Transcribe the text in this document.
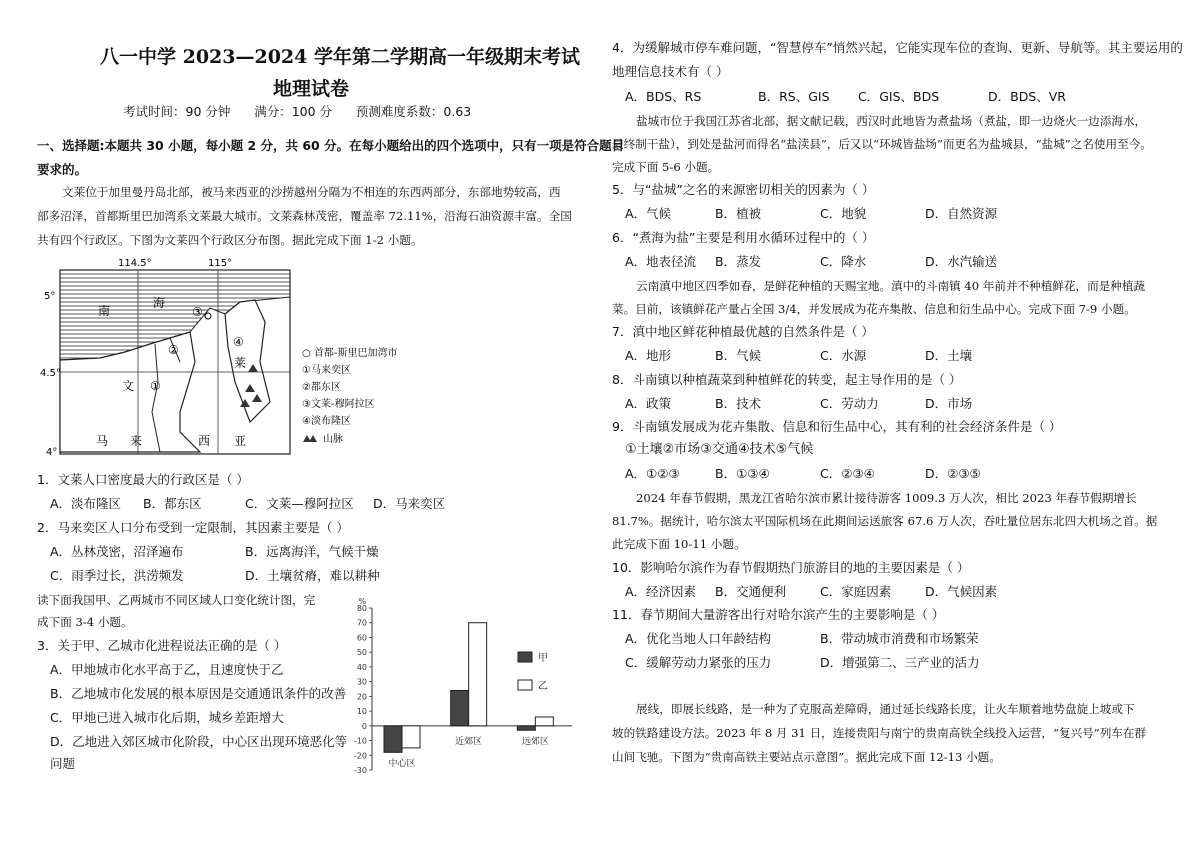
八一中学 2023—2024 学年第二学期高一年级期末考试
地理试卷
考试时间：90 分钟      满分：100 分      预测难度系数：0.63
一、选择题:本题共 30 小题，每小题 2 分，共 60 分。在每小题给出的四个选项中，只有一项是符合题目
要求的。
文莱位于加里曼丹岛北部，被马来西亚的沙捞越州分隔为不相连的东西两部分，东部地势较高，西
部多沼泽，首都斯里巴加湾系文莱最大城市。文莱森林茂密，覆盖率 72.11%，沿海石油资源丰富。全国
共有四个行政区。下图为文莱四个行政区分布图。据此完成下面 1-2 小题。
114.5°	115°
5°
4.5°
4°
南
海
文
莱
马 来	西 亚
①
②
③
④
○ 首都-斯里巴加湾市
①马来奕区
②都东区
③文莱-穆阿拉区
④淡布隆区
山脉
1．文莱人口密度最大的行政区是（ ）
A．淡布隆区 B．都东区	C．文莱—穆阿拉区 D．马来奕区
2．马来奕区人口分布受到一定限制，其因素主要是（ ）
A．丛林茂密，沼泽遍布	B．远离海洋，气候干燥
C．雨季过长，洪涝频发	D．土壤贫瘠，难以耕种
读下面我国甲、乙两城市不同区域人口变化统计图，完
成下面 3-4 小题。
3．关于甲、乙城市化进程说法正确的是（ ）
A．甲地城市化水平高于乙，且速度快于乙
B．乙地城市化发展的根本原因是交通通讯条件的改善
C．甲地已进入城市化后期，城乡差距增大
D．乙地进入郊区城市化阶段，中心区出现环境恶化等
问题
%
-30
-20
-10
0
10
20
30
40
50
60
70
80
中心区
近郊区	远郊区
甲
乙
4．为缓解城市停车难问题，“智慧停车”悄然兴起，它能实现车位的查询、更新、导航等。其主要运用的
地理信息技术有（ ）
A．BDS、RS	B．RS、GIS C．GIS、BDS	D．BDS、VR
盐城市位于我国江苏省北部，据文献记载，西汉时此地皆为煮盐场（煮盐，即一边烧火一边添海水，
最终制干盐），到处是盐河而得名“盐渎县”，后又以“环城皆盐场”而更名为盐城县，“盐城”之名使用至今。
完成下面 5-6 小题。
5．与“盐城”之名的来源密切相关的因素为（ ）
A．气候	B．植被	C．地貌	D．自然资源
6．“煮海为盐”主要是利用水循环过程中的（ ）
A．地表径流 B．蒸发	C．降水	D．水汽输送
云南滇中地区四季如春，是鲜花种植的天赐宝地。滇中的斗南镇 40 年前并不种植鲜花，而是种植蔬
菜。目前，该镇鲜花产量占全国 3/4，并发展成为花卉集散、信息和衍生品中心。完成下面 7-9 小题。
7．滇中地区鲜花种植最优越的自然条件是（ ）
A．地形	B．气候	C．水源	D．土壤
8．斗南镇以种植蔬菜到种植鲜花的转变，起主导作用的是（ ）
A．政策	B．技术	C．劳动力	D．市场
9．斗南镇发展成为花卉集散、信息和衍生品中心，其有利的社会经济条件是（ ）
①土壤②市场③交通④技术⑤气候
A．①②③	B．①③④	C．②③④	D．②③⑤
2024 年春节假期，黑龙江省哈尔滨市累计接待游客 1009.3 万人次，相比 2023 年春节假期增长
81.7%。据统计，哈尔滨太平国际机场在此期间运送旅客 67.6 万人次，吞吐量位居东北四大机场之首。据
此完成下面 10-11 小题。
10．影响哈尔滨作为春节假期热门旅游目的地的主要因素是（ ）
A．经济因素 B．交通便利	C．家庭因素	D．气候因素
11．春节期间大量游客出行对哈尔滨产生的主要影响是（ ）
A．优化当地人口年龄结构	B．带动城市消费和市场繁荣
C．缓解劳动力紧张的压力	D．增强第二、三产业的活力
展线，即展长线路，是一种为了克服高差障碍，通过延长线路长度，让火车顺着地势盘旋上坡或下
坡的铁路建设方法。2023 年 8 月 31 日，连接贵阳与南宁的贵南高铁全线投入运营，“复兴号”列车在群
山间飞驰。下图为“贵南高铁主要站点示意图”。据此完成下面 12-13 小题。
